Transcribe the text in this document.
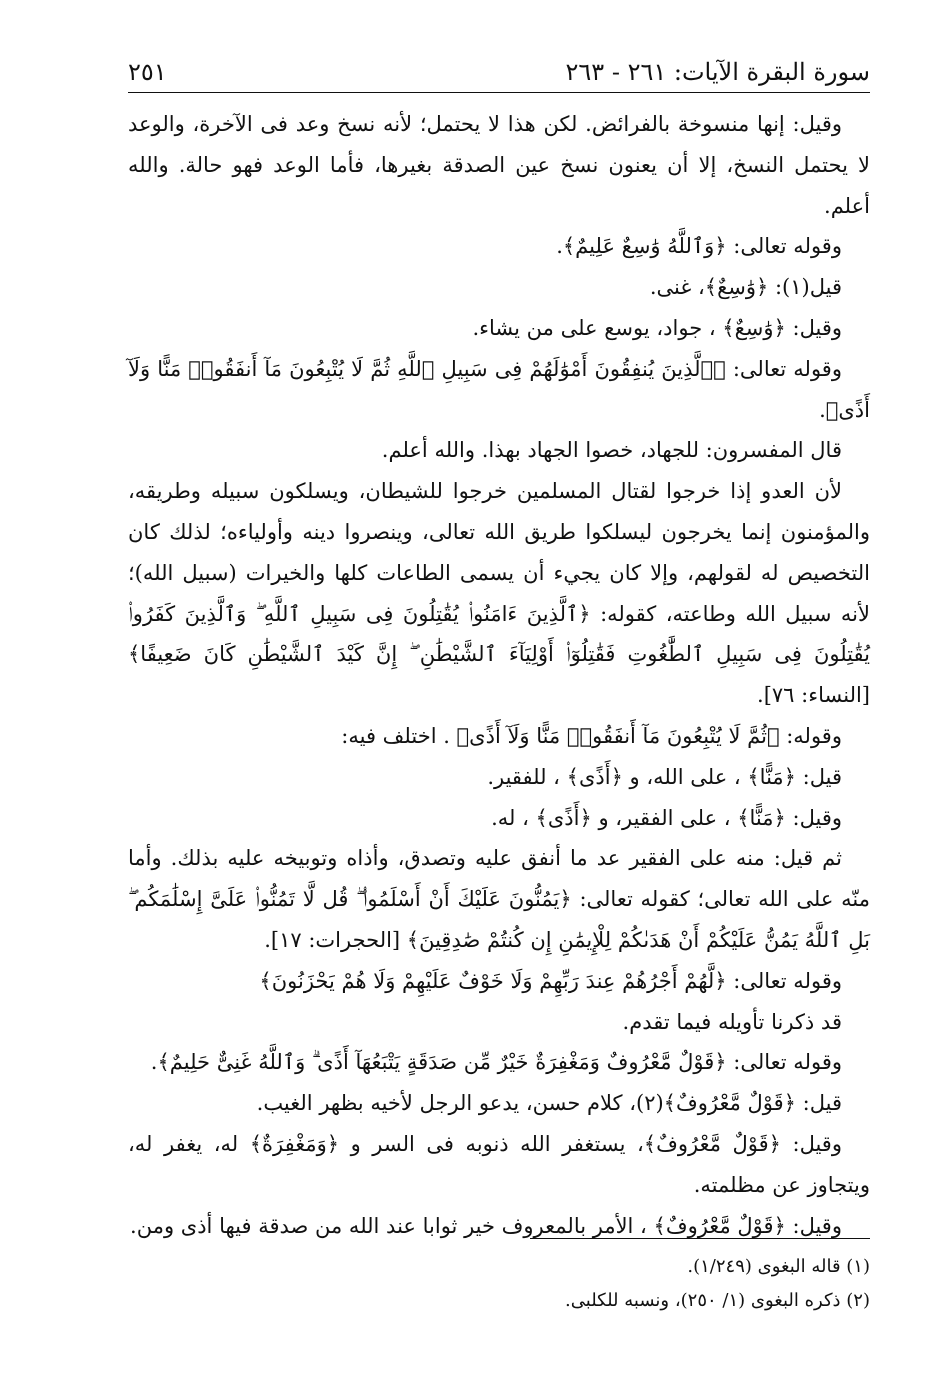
سورة البقرة الآيات: ٢٦١ - ٢٦٣
٢٥١

وقيل: إنها منسوخة بالفرائض. لكن هذا لا يحتمل؛ لأنه نسخ وعد فى الآخرة، والوعد لا يحتمل النسخ، إلا أن يعنون نسخ عين الصدقة بغيرها، فأما الوعد فهو حالة. والله أعلم.

وقوله تعالى: ﴿وَٱللَّهُ وَٰسِعٌ عَلِيمٌ﴾.

قيل(١): ﴿وَٰسِعٌ﴾، غنى.

وقيل: ﴿وَٰسِعٌ﴾ ، جواد، يوسع على من يشاء.

وقوله تعالى: ﴿ٱلَّذِينَ يُنفِقُونَ أَمْوَٰلَهُمْ فِى سَبِيلِ ٱللَّهِ ثُمَّ لَا يُتْبِعُونَ مَآ أَنفَقُوا۟ مَنًّا وَلَآ أَذًى﴾.

قال المفسرون: للجهاد، خصوا الجهاد بهذا. والله أعلم.

لأن العدو إذا خرجوا لقتال المسلمين خرجوا للشيطان، ويسلكون سبيله وطريقه، والمؤمنون إنما يخرجون ليسلكوا طريق الله تعالى، وينصروا دينه وأولياءه؛ لذلك كان التخصيص له لقولهم، وإلا كان يجيء أن يسمى الطاعات كلها والخيرات (سبيل الله)؛ لأنه سبيل الله وطاعته، كقوله: ﴿ٱلَّذِينَ ءَامَنُوا۟ يُقَٰتِلُونَ فِى سَبِيلِ ٱللَّهِ ۖ وَٱلَّذِينَ كَفَرُوا۟ يُقَٰتِلُونَ فِى سَبِيلِ ٱلطَّٰغُوتِ فَقَٰتِلُوٓا۟ أَوْلِيَآءَ ٱلشَّيْطَٰنِ ۖ إِنَّ كَيْدَ ٱلشَّيْطَٰنِ كَانَ ضَعِيفًا﴾ [النساء: ٧٦].

وقوله: ﴿ثُمَّ لَا يُتْبِعُونَ مَآ أَنفَقُوا۟ مَنًّا وَلَآ أَذًى﴾ . اختلف فيه:

قيل: ﴿مَنًّا﴾ ، على الله، و ﴿أَذًى﴾ ، للفقير.

وقيل: ﴿مَنًّا﴾ ، على الفقير، و ﴿أَذًى﴾ ، له.

ثم قيل: منه على الفقير عد ما أنفق عليه وتصدق، وأذاه وتوبيخه عليه بذلك. وأما منّه على الله تعالى؛ كقوله تعالى: ﴿يَمُنُّونَ عَلَيْكَ أَنْ أَسْلَمُوا۟ ۖ قُل لَّا تَمُنُّوا۟ عَلَىَّ إِسْلَٰمَكُم ۖ بَلِ ٱللَّهُ يَمُنُّ عَلَيْكُمْ أَنْ هَدَىٰكُمْ لِلْإِيمَٰنِ إِن كُنتُمْ صَٰدِقِينَ﴾ [الحجرات: ١٧].

وقوله تعالى: ﴿لَّهُمْ أَجْرُهُمْ عِندَ رَبِّهِمْ وَلَا خَوْفٌ عَلَيْهِمْ وَلَا هُمْ يَحْزَنُونَ﴾

قد ذكرنا تأويله فيما تقدم.

وقوله تعالى: ﴿قَوْلٌ مَّعْرُوفٌ وَمَغْفِرَةٌ خَيْرٌ مِّن صَدَقَةٍ يَتْبَعُهَآ أَذًى ۗ وَٱللَّهُ غَنِىٌّ حَلِيمٌ﴾.

قيل: ﴿قَوْلٌ مَّعْرُوفٌ﴾(٢)، كلام حسن، يدعو الرجل لأخيه بظهر الغيب.

وقيل: ﴿قَوْلٌ مَّعْرُوفٌ﴾، يستغفر الله ذنوبه فى السر و ﴿وَمَغْفِرَةٌ﴾ له، يغفر له، ويتجاوز عن مظلمته.

وقيل: ﴿قَوْلٌ مَّعْرُوفٌ﴾ ، الأمر بالمعروف خير ثوابا عند الله من صدقة فيها أذى ومن.

(١) قاله البغوى (١/٢٤٩).

(٢) ذكره البغوى (١/ ٢٥٠)، ونسبه للكلبى.
